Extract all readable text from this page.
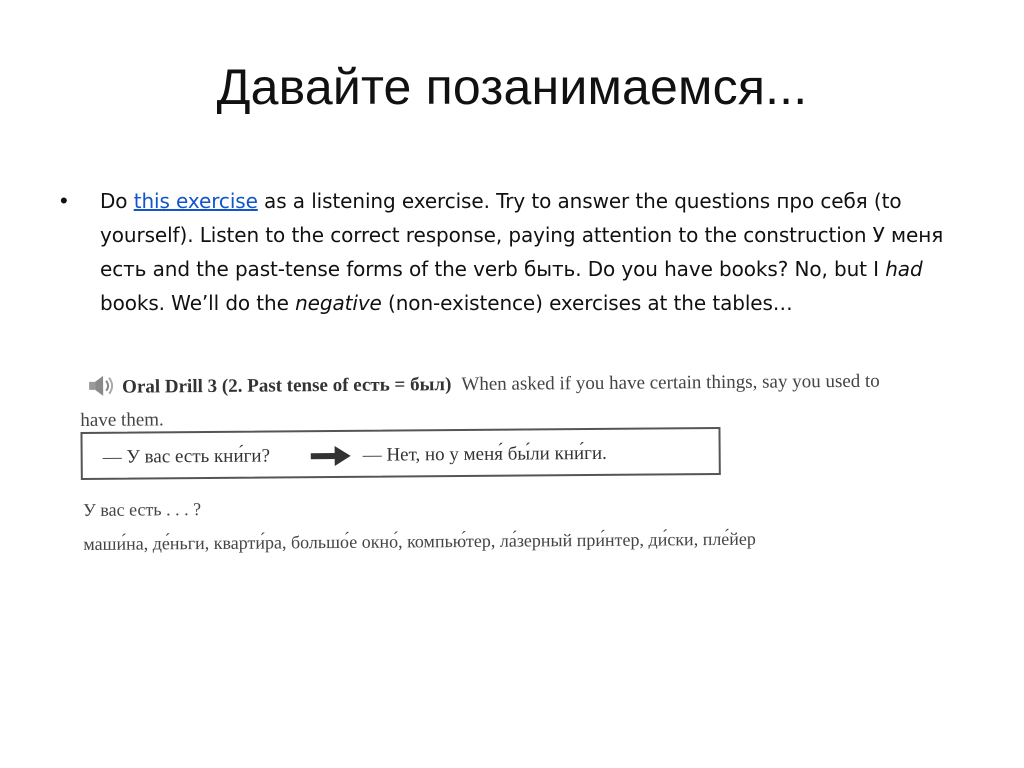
Давайте позанимаемся...
•	Do this exercise as a listening exercise. Try to answer the questions про себя (to yourself). Listen to the correct response, paying attention to the construction У меня есть and the past-tense forms of the verb быть. Do you have books? No, but I had books. We’ll do the negative (non-existence) exercises at the tables…
Oral Drill 3 (2. Past tense of есть = был) When asked if you have certain things, say you used to
have them.
— У вас есть кни́ги?	— Нет, но у меня́ бы́ли кни́ги.
У вас есть . . . ?
маши́на, де́ньги, кварти́ра, большо́е окно́, компью́тер, ла́зерный при́нтер, ди́ски, пле́йер
